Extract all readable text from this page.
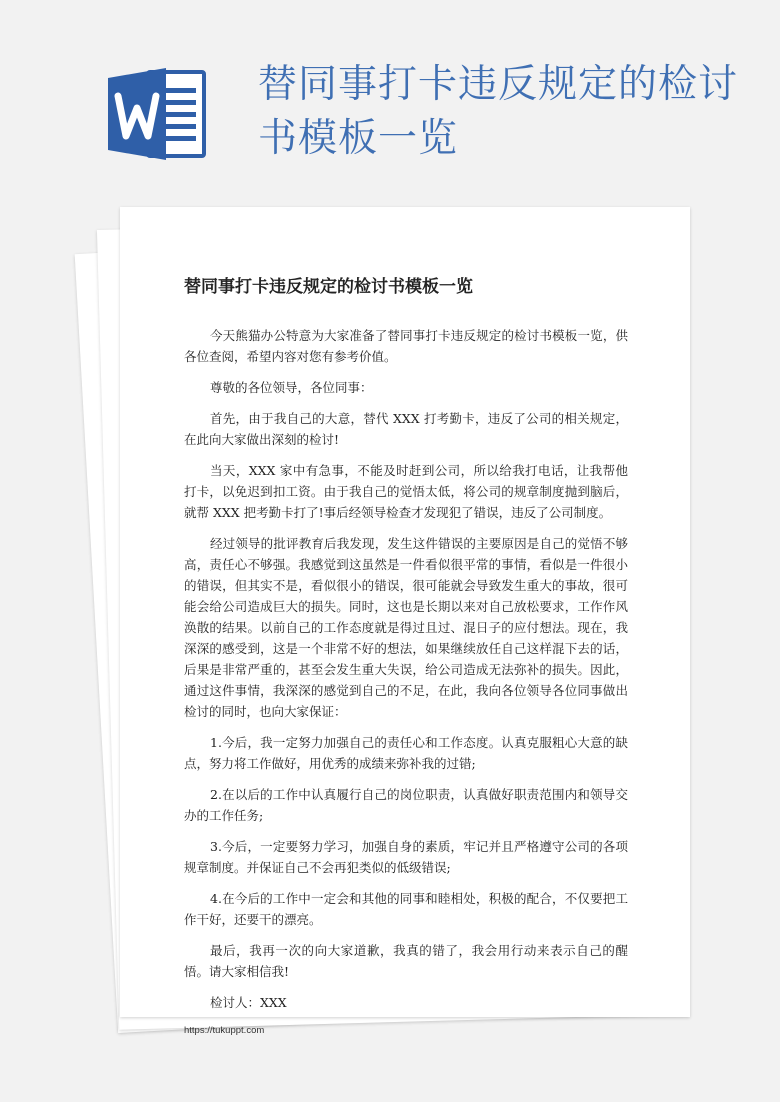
替同事打卡违反规定的检讨书模板一览
替同事打卡违反规定的检讨书模板一览

今天熊猫办公特意为大家准备了替同事打卡违反规定的检讨书模板一览，供各位查阅，希望内容对您有参考价值。

尊敬的各位领导，各位同事：

首先，由于我自己的大意，替代 XXX 打考勤卡，违反了公司的相关规定，在此向大家做出深刻的检讨!

当天，XXX 家中有急事，不能及时赶到公司，所以给我打电话，让我帮他打卡，以免迟到扣工资。由于我自己的觉悟太低，将公司的规章制度抛到脑后，就帮 XXX 把考勤卡打了!事后经领导检查才发现犯了错误，违反了公司制度。

经过领导的批评教育后我发现，发生这件错误的主要原因是自己的觉悟不够高，责任心不够强。我感觉到这虽然是一件看似很平常的事情，看似是一件很小的错误，但其实不是，看似很小的错误，很可能就会导致发生重大的事故，很可能会给公司造成巨大的损失。同时，这也是长期以来对自己放松要求，工作作风涣散的结果。以前自己的工作态度就是得过且过、混日子的应付想法。现在，我深深的感受到，这是一个非常不好的想法，如果继续放任自己这样混下去的话，后果是非常严重的，甚至会发生重大失误，给公司造成无法弥补的损失。因此，通过这件事情，我深深的感觉到自己的不足，在此，我向各位领导各位同事做出检讨的同时，也向大家保证：

1.今后，我一定努力加强自己的责任心和工作态度。认真克服粗心大意的缺点，努力将工作做好，用优秀的成绩来弥补我的过错;

2.在以后的工作中认真履行自己的岗位职责，认真做好职责范围内和领导交办的工作任务;

3.今后，一定要努力学习，加强自身的素质，牢记并且严格遵守公司的各项规章制度。并保证自己不会再犯类似的低级错误;

4.在今后的工作中一定会和其他的同事和睦相处，积极的配合，不仅要把工作干好，还要干的漂亮。

最后，我再一次的向大家道歉，我真的错了，我会用行动来表示自己的醒悟。请大家相信我!

检讨人：XXX

https://tukuppt.com
